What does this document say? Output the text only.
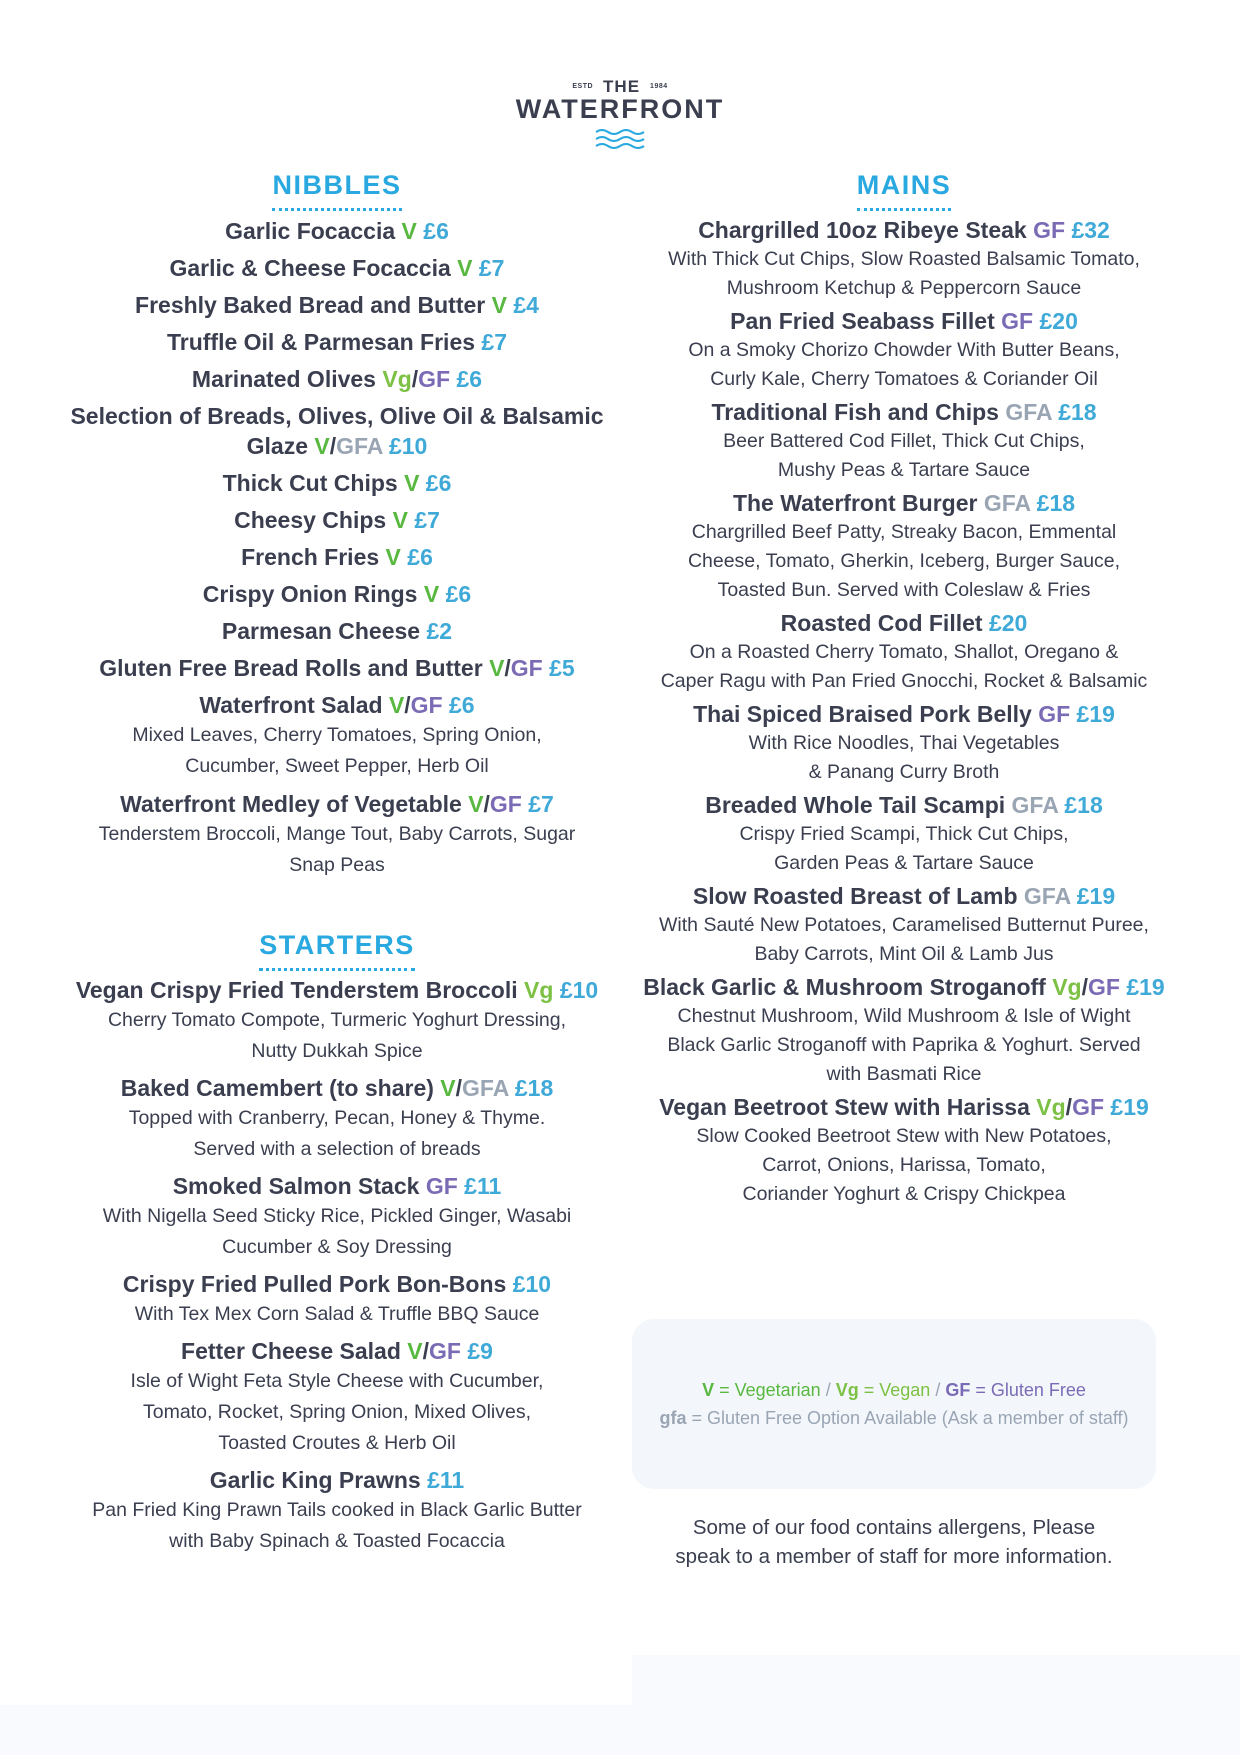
ESTD THE 1984
WATERFRONT
NIBBLES
Garlic Focaccia V £6
Garlic & Cheese Focaccia V £7
Freshly Baked Bread and Butter V £4
Truffle Oil & Parmesan Fries £7
Marinated Olives Vg/GF £6
Selection of Breads, Olives, Olive Oil & Balsamic Glaze V/GFA £10
Thick Cut Chips V £6
Cheesy Chips V £7
French Fries V £6
Crispy Onion Rings V £6
Parmesan Cheese £2
Gluten Free Bread Rolls and Butter V/GF £5
Waterfront Salad V/GF £6
Mixed Leaves, Cherry Tomatoes, Spring Onion,
Cucumber, Sweet Pepper, Herb Oil
Waterfront Medley of Vegetable V/GF £7
Tenderstem Broccoli, Mange Tout, Baby Carrots, Sugar
Snap Peas
STARTERS
Vegan Crispy Fried Tenderstem Broccoli Vg £10
Cherry Tomato Compote, Turmeric Yoghurt Dressing,
Nutty Dukkah Spice
Baked Camembert (to share) V/GFA £18
Topped with Cranberry, Pecan, Honey & Thyme.
Served with a selection of breads
Smoked Salmon Stack GF £11
With Nigella Seed Sticky Rice, Pickled Ginger, Wasabi
Cucumber & Soy Dressing
Crispy Fried Pulled Pork Bon-Bons £10
With Tex Mex Corn Salad & Truffle BBQ Sauce
Fetter Cheese Salad V/GF £9
Isle of Wight Feta Style Cheese with Cucumber,
Tomato, Rocket, Spring Onion, Mixed Olives,
Toasted Croutes & Herb Oil
Garlic King Prawns £11
Pan Fried King Prawn Tails cooked in Black Garlic Butter
with Baby Spinach & Toasted Focaccia
MAINS
Chargrilled 10oz Ribeye Steak GF £32
With Thick Cut Chips, Slow Roasted Balsamic Tomato,
Mushroom Ketchup & Peppercorn Sauce
Pan Fried Seabass Fillet GF £20
On a Smoky Chorizo Chowder With Butter Beans,
Curly Kale, Cherry Tomatoes & Coriander Oil
Traditional Fish and Chips GFA £18
Beer Battered Cod Fillet, Thick Cut Chips,
Mushy Peas & Tartare Sauce
The Waterfront Burger GFA £18
Chargrilled Beef Patty, Streaky Bacon, Emmental
Cheese, Tomato, Gherkin, Iceberg, Burger Sauce,
Toasted Bun. Served with Coleslaw & Fries
Roasted Cod Fillet £20
On a Roasted Cherry Tomato, Shallot, Oregano &
Caper Ragu with Pan Fried Gnocchi, Rocket & Balsamic
Thai Spiced Braised Pork Belly GF £19
With Rice Noodles, Thai Vegetables
& Panang Curry Broth
Breaded Whole Tail Scampi GFA £18
Crispy Fried Scampi, Thick Cut Chips,
Garden Peas & Tartare Sauce
Slow Roasted Breast of Lamb GFA £19
With Sauté New Potatoes, Caramelised Butternut Puree,
Baby Carrots, Mint Oil & Lamb Jus
Black Garlic & Mushroom Stroganoff Vg/GF £19
Chestnut Mushroom, Wild Mushroom & Isle of Wight
Black Garlic Stroganoff with Paprika & Yoghurt. Served
with Basmati Rice
Vegan Beetroot Stew with Harissa Vg/GF £19
Slow Cooked Beetroot Stew with New Potatoes,
Carrot, Onions, Harissa, Tomato,
Coriander Yoghurt & Crispy Chickpea
V = Vegetarian / Vg = Vegan / GF = Gluten Free
gfa = Gluten Free Option Available (Ask a member of staff)
Some of our food contains allergens, Please
speak to a member of staff for more information.
